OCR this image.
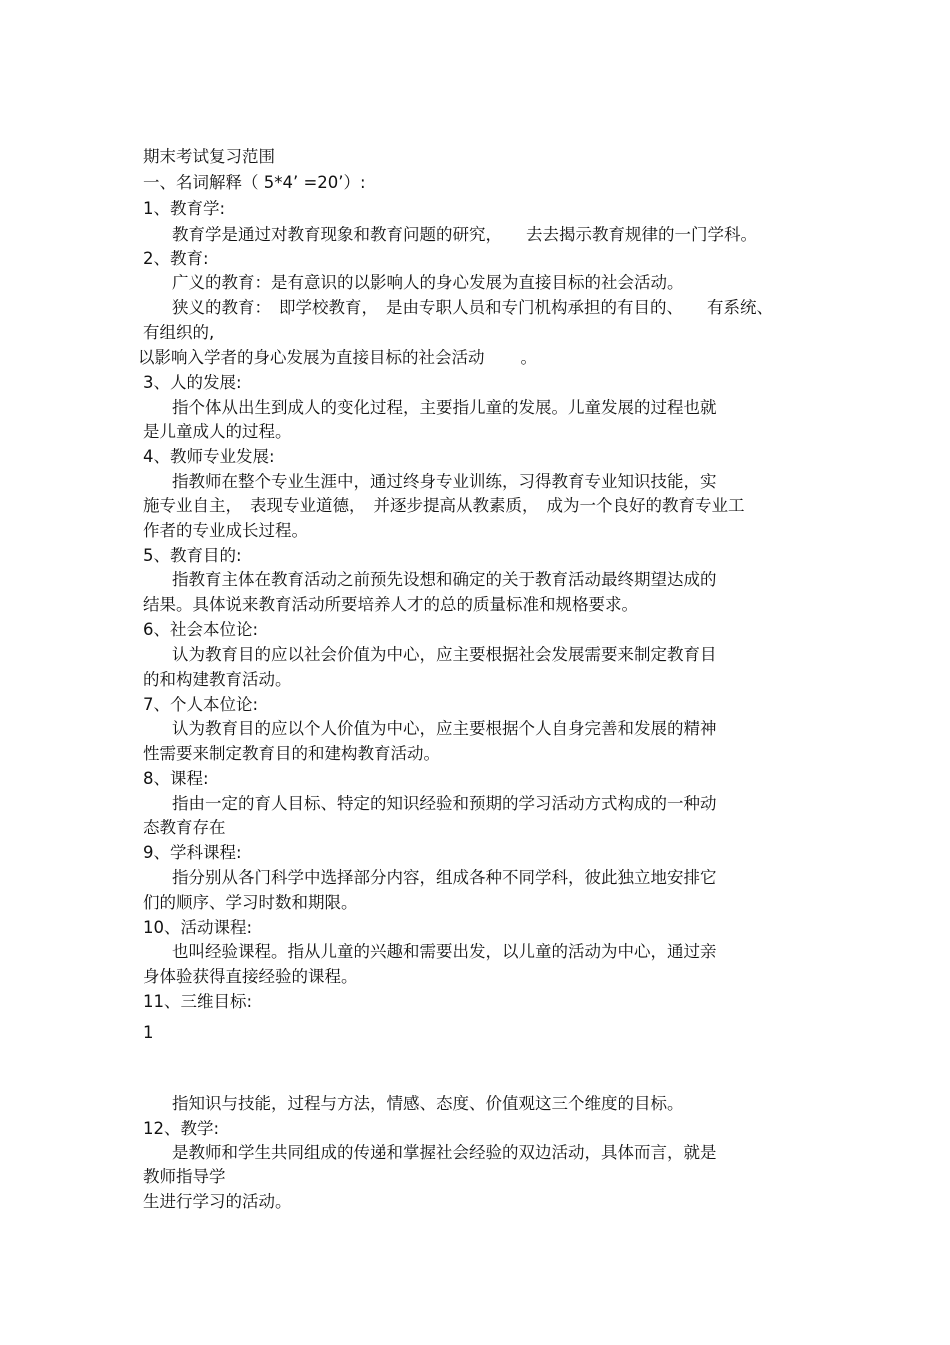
期末考试复习范围
一、名词解释（ 5*4’ =20’）:
1、教育学:
教育学是通过对教育现象和教育问题的研究， 去去揭示教育规律的一门学科。
2、教育:
广义的教育：是有意识的以影响人的身心发展为直接目标的社会活动。
狭义的教育： 即学校教育， 是由专职人员和专门机构承担的有目的、 有系统、
有组织的,
以影响入学者的身心发展为直接目标的社会活动 。
3、人的发展:
指个体从出生到成人的变化过程，主要指儿童的发展。儿童发展的过程也就
是儿童成人的过程。
4、教师专业发展:
指教师在整个专业生涯中，通过终身专业训练，习得教育专业知识技能，实
施专业自主， 表现专业道德， 并逐步提高从教素质， 成为一个良好的教育专业工
作者的专业成长过程。
5、教育目的:
指教育主体在教育活动之前预先设想和确定的关于教育活动最终期望达成的
结果。具体说来教育活动所要培养人才的总的质量标准和规格要求。
6、社会本位论:
认为教育目的应以社会价值为中心，应主要根据社会发展需要来制定教育目
的和构建教育活动。
7、个人本位论:
认为教育目的应以个人价值为中心，应主要根据个人自身完善和发展的精神
性需要来制定教育目的和建构教育活动。
8、课程:
指由一定的育人目标、特定的知识经验和预期的学习活动方式构成的一种动
态教育存在
9、学科课程:
指分别从各门科学中选择部分内容，组成各种不同学科，彼此独立地安排它
们的顺序、学习时数和期限。
10、活动课程:
也叫经验课程。指从儿童的兴趣和需要出发，以儿童的活动为中心，通过亲
身体验获得直接经验的课程。
11、三维目标:
1
指知识与技能，过程与方法，情感、态度、价值观这三个维度的目标。
12、教学:
是教师和学生共同组成的传递和掌握社会经验的双边活动，具体而言，就是
教师指导学
生进行学习的活动。
